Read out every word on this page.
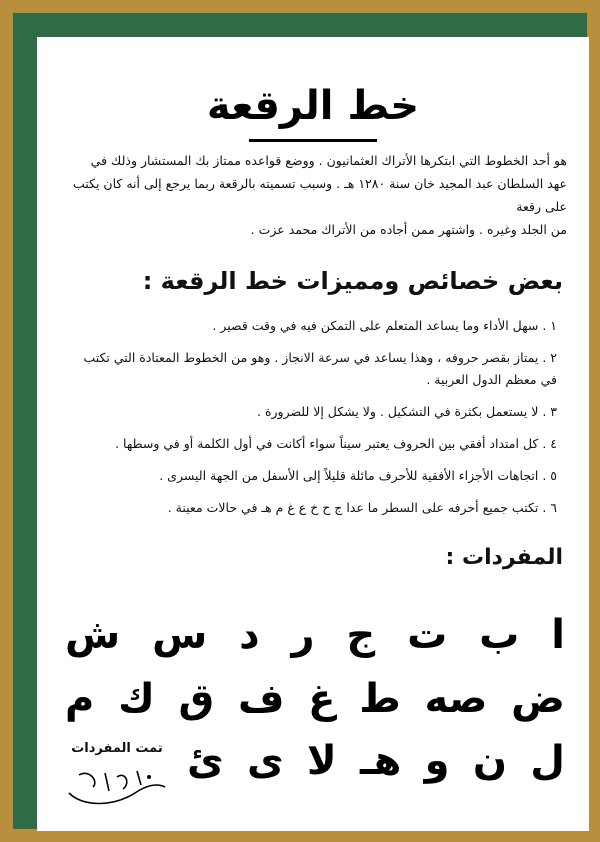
خط الرقعة

هو أحد الخطوط التي ابتكرها الأتراك العثمانيون . ووضع قواعده ممتاز بك المستشار وذلك في

عهد السلطان عبد المجيد خان سنة ١٢٨٠ هـ . وسبب تسميته بالرقعة ربما يرجع إلى أنه كان يكتب على رقعة

من الجلد وغيره . واشتهر ممن أجاده من الأتراك محمد عزت .

بعض خصائص ومميزات خط الرقعة :
١ . سهل الأداء وما يساعد المتعلم على التمكن فيه في وقت قصير .
٢ . يمتاز بقصر حروفه ، وهذا يساعد في سرعة الانجاز . وهو من الخطوط المعتادة التي تكتب في معظم الدول العربية .
٣ . لا يستعمل بكثرة في التشكيل . ولا يشكل إلا للضرورة .
٤ . كل امتداد أفقي بين الحروف يعتبر سيناً سواء أكانت في أول الكلمة أو في وسطها .
٥ . اتجاهات الأجزاء الأفقية للأحرف مائلة قليلاً إلى الأسفل من الجهة اليسرى .
٦ . تكتب جميع أحرفه على السطر ما عدا ج ح خ ع غ م هـ في حالات معينة .
المفردات :
ا
ب
ت
ج
ر
د
س
ش
ض
صه
ط
غ
ف
ق
ك
م
ل
ن
و
هـ
لا
ى
ئ
تمت المفردات
